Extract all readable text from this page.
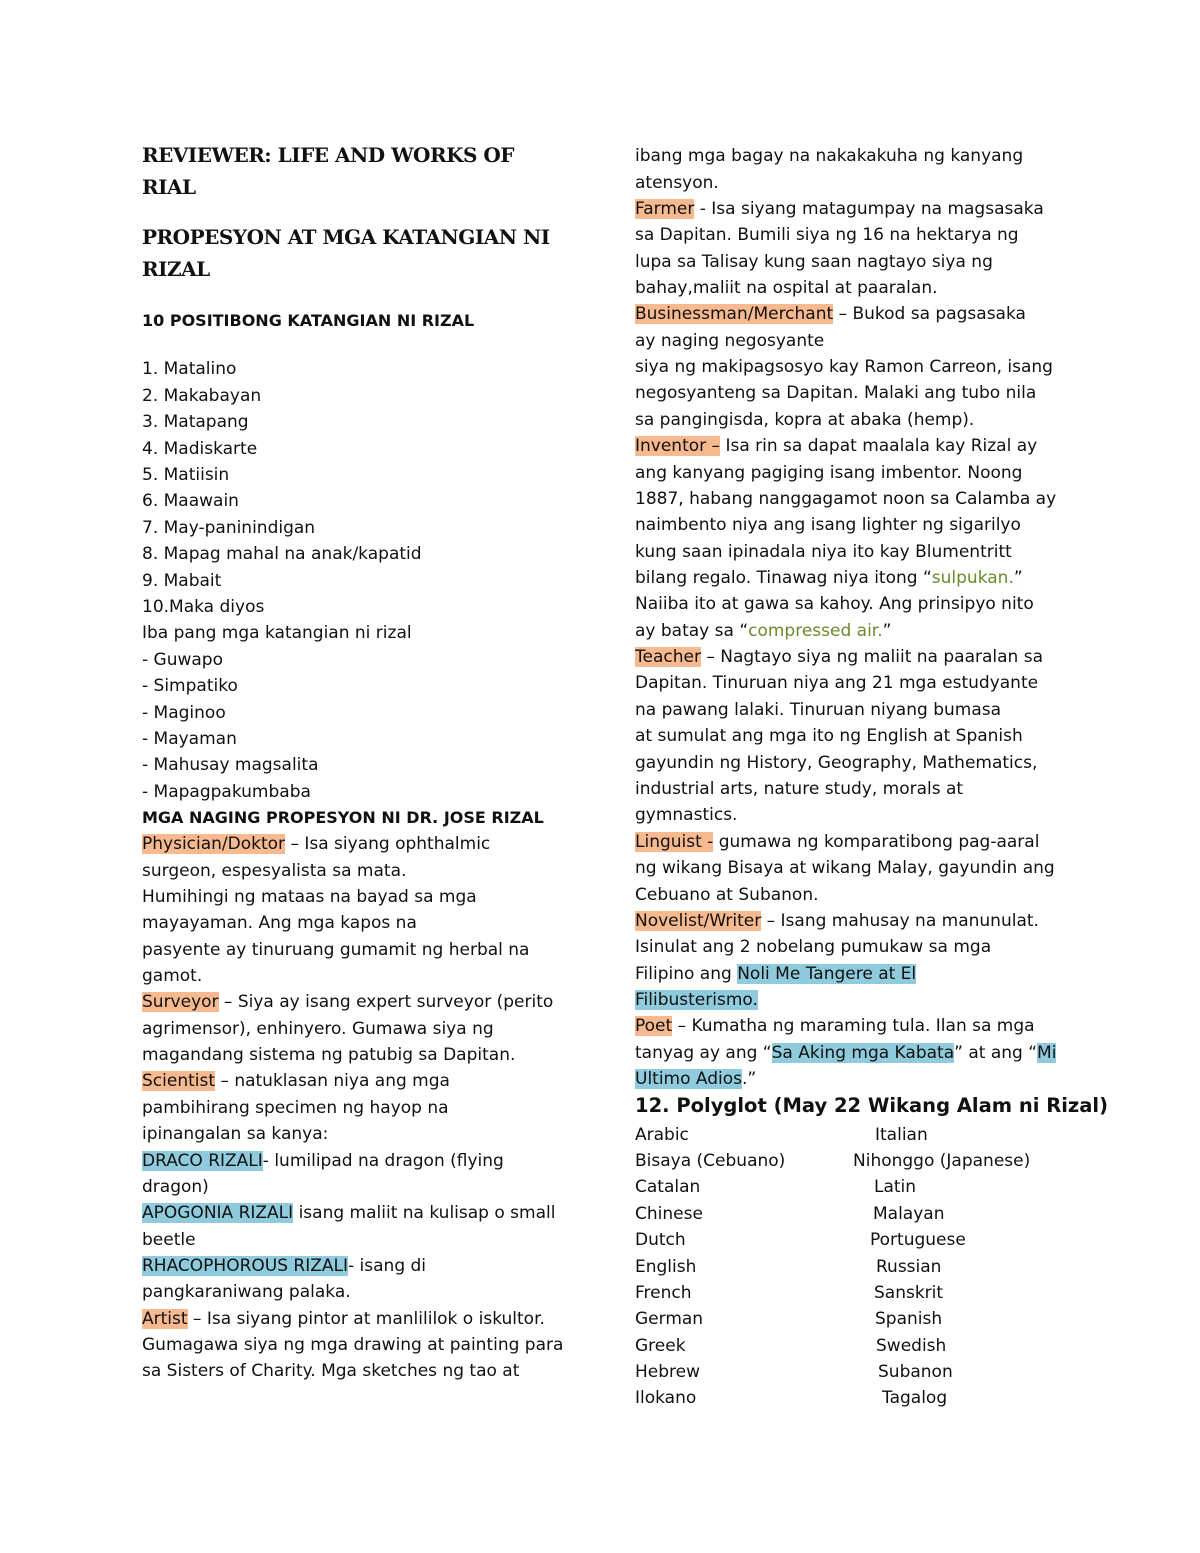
REVIEWER: LIFE AND WORKS OF
RIAL
PROPESYON AT MGA KATANGIAN NI
RIZAL
10 POSITIBONG KATANGIAN NI RIZAL
1. Matalino
2. Makabayan
3. Matapang
4. Madiskarte
5. Matiisin
6. Maawain
7. May-paninindigan
8. Mapag mahal na anak/kapatid
9. Mabait
10.Maka diyos
Iba pang mga katangian ni rizal
- Guwapo
- Simpatiko
- Maginoo
- Mayaman
- Mahusay magsalita
- Mapagpakumbaba
MGA NAGING PROPESYON NI DR. JOSE RIZAL
Physician/Doktor – Isa siyang ophthalmic
surgeon, espesyalista sa mata.
Humihingi ng mataas na bayad sa mga
mayayaman. Ang mga kapos na
pasyente ay tinuruang gumamit ng herbal na
gamot.
Surveyor – Siya ay isang expert surveyor (perito
agrimensor), enhinyero. Gumawa siya ng
magandang sistema ng patubig sa Dapitan.
Scientist – natuklasan niya ang mga
pambihirang specimen ng hayop na
ipinangalan sa kanya:
DRACO RIZALI- lumilipad na dragon (flying
dragon)
APOGONIA RIZALI isang maliit na kulisap o small
beetle
RHACOPHOROUS RIZALI- isang di
pangkaraniwang palaka.
Artist – Isa siyang pintor at manlililok o iskultor.
Gumagawa siya ng mga drawing at painting para
sa Sisters of Charity. Mga sketches ng tao at
ibang mga bagay na nakakakuha ng kanyang
atensyon.
Farmer - Isa siyang matagumpay na magsasaka
sa Dapitan. Bumili siya ng 16 na hektarya ng
lupa sa Talisay kung saan nagtayo siya ng
bahay,maliit na ospital at paaralan.
Businessman/Merchant – Bukod sa pagsasaka
ay naging negosyante
siya ng makipagsosyo kay Ramon Carreon, isang
negosyanteng sa Dapitan. Malaki ang tubo nila
sa pangingisda, kopra at abaka (hemp).
Inventor – Isa rin sa dapat maalala kay Rizal ay
ang kanyang pagiging isang imbentor. Noong
1887, habang nanggagamot noon sa Calamba ay
naimbento niya ang isang lighter ng sigarilyo
kung saan ipinadala niya ito kay Blumentritt
bilang regalo. Tinawag niya itong “sulpukan.”
Naiiba ito at gawa sa kahoy. Ang prinsipyo nito
ay batay sa “compressed air.”
Teacher – Nagtayo siya ng maliit na paaralan sa
Dapitan. Tinuruan niya ang 21 mga estudyante
na pawang lalaki. Tinuruan niyang bumasa
at sumulat ang mga ito ng English at Spanish
gayundin ng History, Geography, Mathematics,
industrial arts, nature study, morals at
gymnastics.
Linguist - gumawa ng komparatibong pag-aaral
ng wikang Bisaya at wikang Malay, gayundin ang
Cebuano at Subanon.
Novelist/Writer – Isang mahusay na manunulat.
Isinulat ang 2 nobelang pumukaw sa mga
Filipino ang Noli Me Tangere at El
Filibusterismo.
Poet – Kumatha ng maraming tula. Ilan sa mga
tanyag ay ang “Sa Aking mga Kabata” at ang “Mi
Ultimo Adios.”
12. Polyglot (May 22 Wikang Alam ni Rizal)
Arabic
Bisaya (Cebuano)
Catalan
Chinese
Dutch
English
French
German
Greek
Hebrew
Ilokano
Italian
Nihonggo (Japanese)
Latin
Malayan
Portuguese
Russian
Sanskrit
Spanish
Swedish
Subanon
Tagalog
